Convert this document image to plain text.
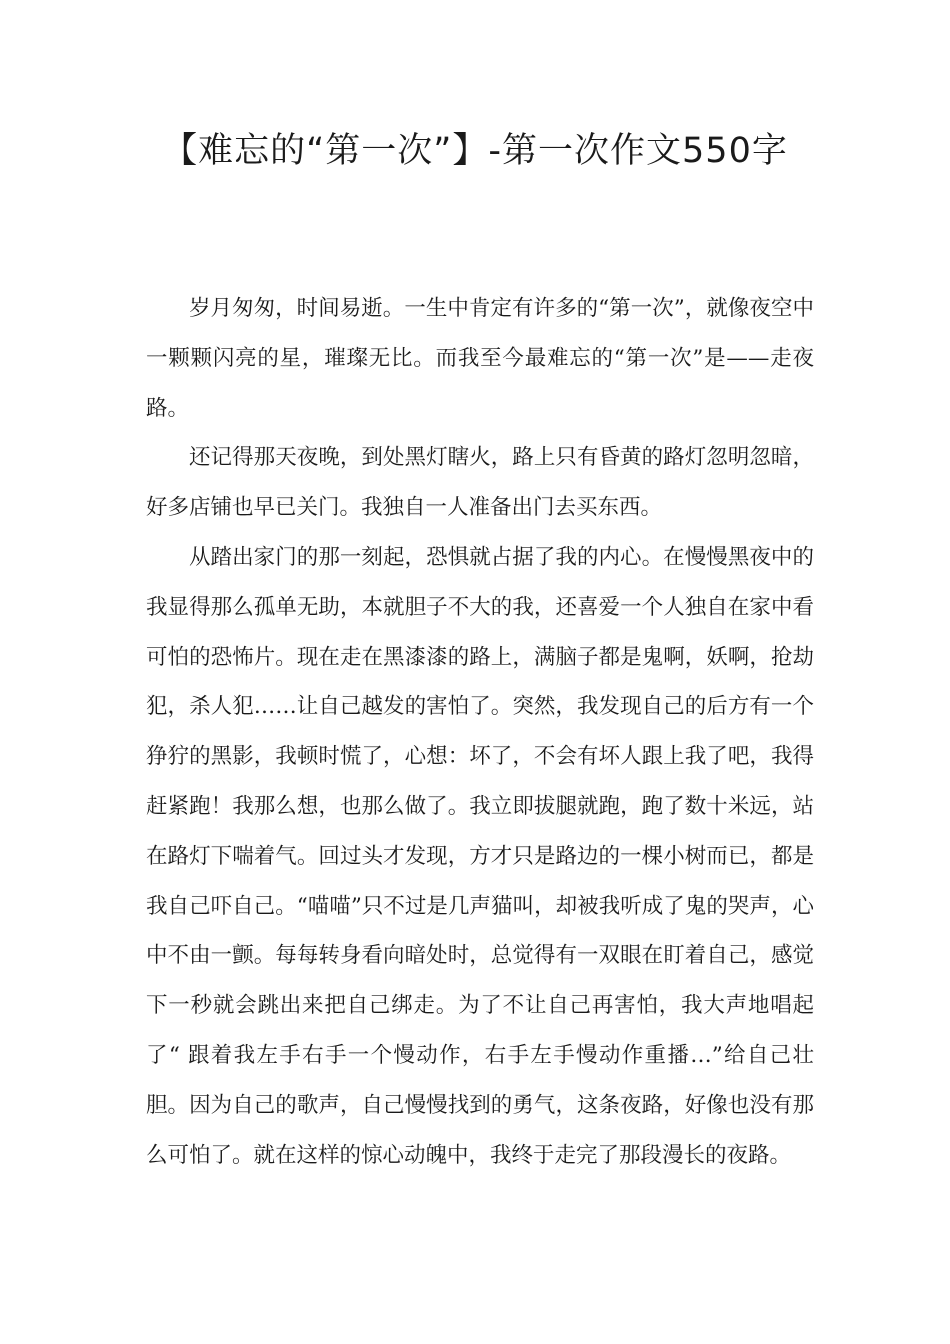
【难忘的“第一次”】-第一次作文550字

岁月匆匆，时间易逝。一生中肯定有许多的“第一次”，就像夜空中一颗颗闪亮的星，璀璨无比。而我至今最难忘的“第一次”是——走夜路。

还记得那天夜晚，到处黑灯瞎火，路上只有昏黄的路灯忽明忽暗，好多店铺也早已关门。我独自一人准备出门去买东西。

从踏出家门的那一刻起，恐惧就占据了我的内心。在慢慢黑夜中的我显得那么孤单无助，本就胆子不大的我，还喜爱一个人独自在家中看可怕的恐怖片。现在走在黑漆漆的路上，满脑子都是鬼啊，妖啊，抢劫犯，杀人犯……让自己越发的害怕了。突然，我发现自己的后方有一个狰狞的黑影，我顿时慌了，心想：坏了，不会有坏人跟上我了吧，我得赶紧跑！我那么想，也那么做了。我立即拔腿就跑，跑了数十米远，站在路灯下喘着气。回过头才发现，方才只是路边的一棵小树而已，都是我自己吓自己。“喵喵”只不过是几声猫叫，却被我听成了鬼的哭声，心中不由一颤。每每转身看向暗处时，总觉得有一双眼在盯着自己，感觉下一秒就会跳出来把自己绑走。为了不让自己再害怕，我大声地唱起了“ 跟着我左手右手一个慢动作，右手左手慢动作重播…”给自己壮胆。因为自己的歌声，自己慢慢找到的勇气，这条夜路，好像也没有那么可怕了。就在这样的惊心动魄中，我终于走完了那段漫长的夜路。
